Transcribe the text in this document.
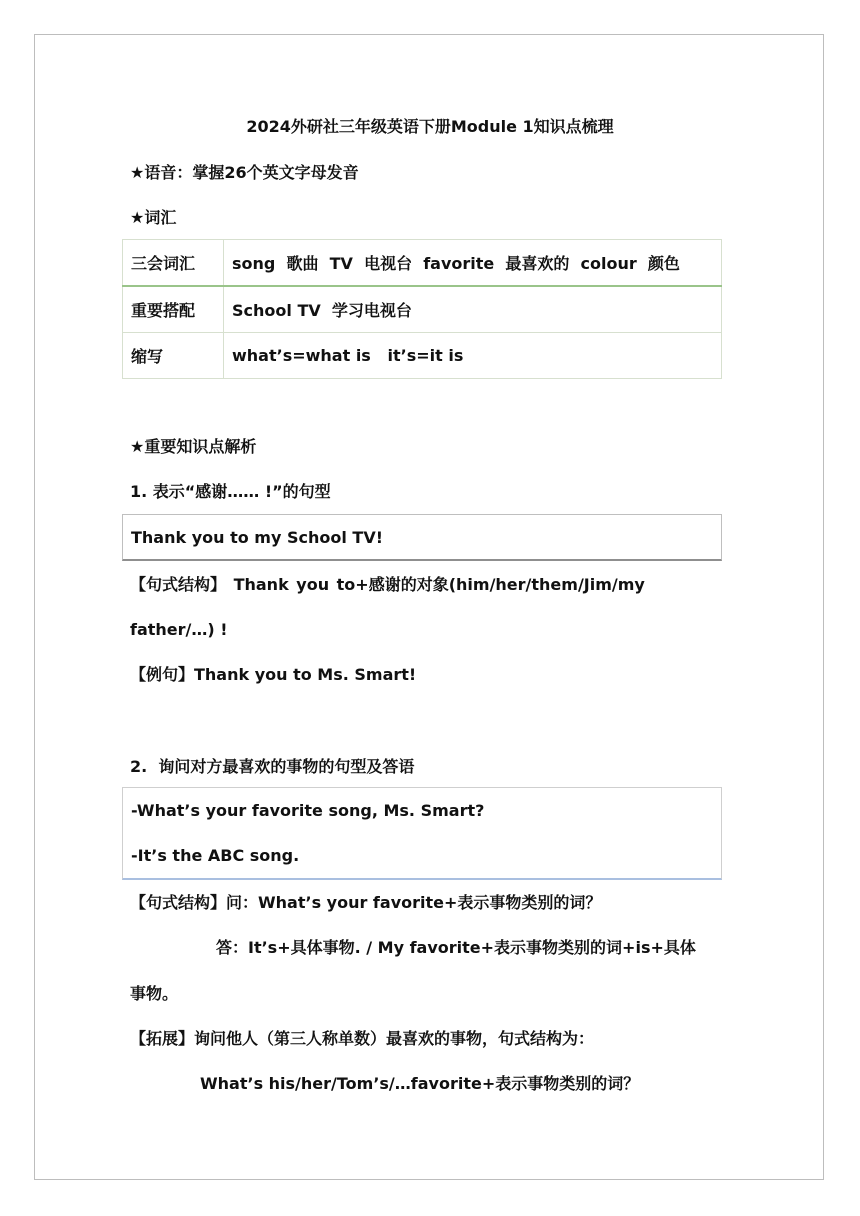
2024外研社三年级英语下册Module 1知识点梳理
★语音：掌握26个英文字母发音
★词汇
三会词汇	song  歌曲  TV  电视台  favorite  最喜欢的  colour  颜色
重要搭配	School TV  学习电视台
缩写	what’s=what is   it’s=it is
★重要知识点解析
1. 表示“感谢…… !”的句型
Thank you to my School TV!
【句式结构】 Thank you to+感谢的对象(him/her/them/Jim/my
father/…) !
【例句】Thank you to Ms. Smart!
2.  询问对方最喜欢的事物的句型及答语
-What’s your favorite song, Ms. Smart?
-It’s the ABC song.
【句式结构】问：What’s your favorite+表示事物类别的词？
答：It’s+具体事物. / My favorite+表示事物类别的词+is+具体
事物。
【拓展】询问他人（第三人称单数）最喜欢的事物，句式结构为：
What’s his/her/Tom’s/…favorite+表示事物类别的词？
